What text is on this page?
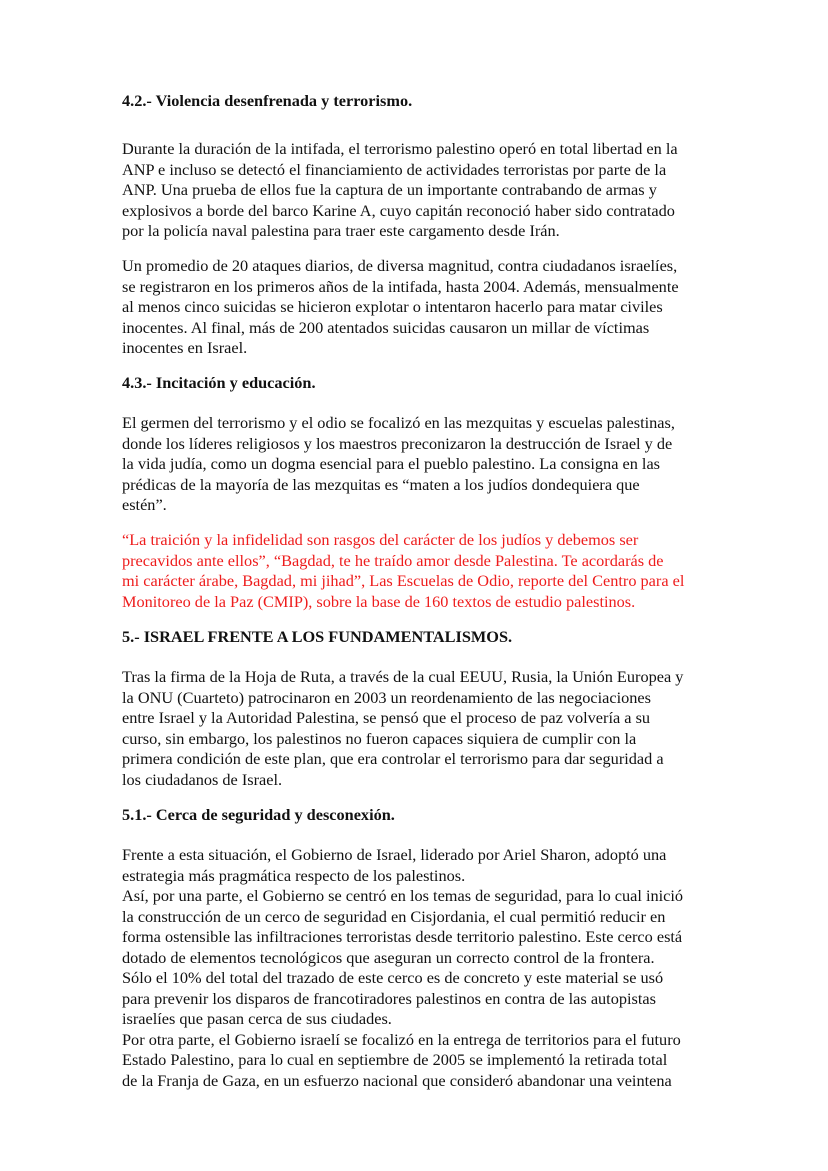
4.2.- Violencia desenfrenada y terrorismo.
Durante la duración de la intifada, el terrorismo palestino operó en total libertad en la
ANP e incluso se detectó el financiamiento de actividades terroristas por parte de la
ANP. Una prueba de ellos fue la captura de un importante contrabando de armas y
explosivos a borde del barco Karine A, cuyo capitán reconoció haber sido contratado
por la policía naval palestina para traer este cargamento desde Irán.
Un promedio de 20 ataques diarios, de diversa magnitud, contra ciudadanos israelíes,
se registraron en los primeros años de la intifada, hasta 2004. Además, mensualmente
al menos cinco suicidas se hicieron explotar o intentaron hacerlo para matar civiles
inocentes. Al final, más de 200 atentados suicidas causaron un millar de víctimas
inocentes en Israel.
4.3.- Incitación y educación.
El germen del terrorismo y el odio se focalizó en las mezquitas y escuelas palestinas,
donde los líderes religiosos y los maestros preconizaron la destrucción de Israel y de
la vida judía, como un dogma esencial para el pueblo palestino. La consigna en las
prédicas de la mayoría de las mezquitas es “maten a los judíos dondequiera que
estén”.
“La traición y la infidelidad son rasgos del carácter de los judíos y debemos ser
precavidos ante ellos”, “Bagdad, te he traído amor desde Palestina. Te acordarás de
mi carácter árabe, Bagdad, mi jihad”, Las Escuelas de Odio, reporte del Centro para el
Monitoreo de la Paz (CMIP), sobre la base de 160 textos de estudio palestinos.
5.- ISRAEL FRENTE A LOS FUNDAMENTALISMOS.
Tras la firma de la Hoja de Ruta, a través de la cual EEUU, Rusia, la Unión Europea y
la ONU (Cuarteto) patrocinaron en 2003 un reordenamiento de las negociaciones
entre Israel y la Autoridad Palestina, se pensó que el proceso de paz volvería a su
curso, sin embargo, los palestinos no fueron capaces siquiera de cumplir con la
primera condición de este plan, que era controlar el terrorismo para dar seguridad a
los ciudadanos de Israel.
5.1.- Cerca de seguridad y desconexión.
Frente a esta situación, el Gobierno de Israel, liderado por Ariel Sharon, adoptó una
estrategia más pragmática respecto de los palestinos.
Así, por una parte, el Gobierno se centró en los temas de seguridad, para lo cual inició
la construcción de un cerco de seguridad en Cisjordania, el cual permitió reducir en
forma ostensible las infiltraciones terroristas desde territorio palestino. Este cerco está
dotado de elementos tecnológicos que aseguran un correcto control de la frontera.
Sólo el 10% del total del trazado de este cerco es de concreto y este material se usó
para prevenir los disparos de francotiradores palestinos en contra de las autopistas
israelíes que pasan cerca de sus ciudades.
Por otra parte, el Gobierno israelí se focalizó en la entrega de territorios para el futuro
Estado Palestino, para lo cual en septiembre de 2005 se implementó la retirada total
de la Franja de Gaza, en un esfuerzo nacional que consideró abandonar una veintena
